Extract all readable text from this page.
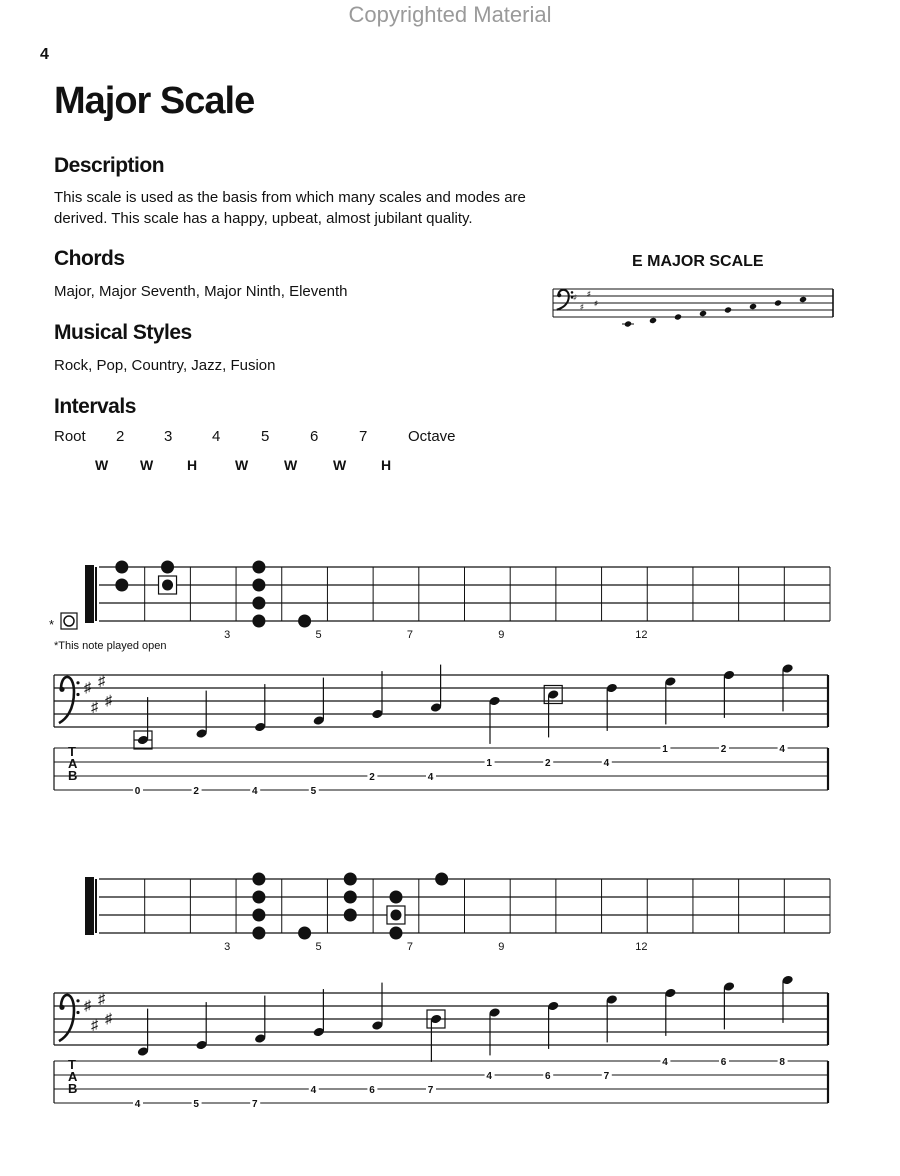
Copyrighted Material
4
Major Scale
Description
This scale is used as the basis from which many scales and modes are
derived. This scale has a happy, upbeat, almost jubilant quality.
Chords
Major, Major Seventh, Major Ninth, Eleventh
Musical Styles
Rock, Pop, Country, Jazz, Fusion
Intervals
Root 2	3	4	5	6	7	Octave
W W H	W	W	W H
E MAJOR SCALE
*This note played open
♯
♯
♯
♯
3	5	7	9	12
*
♯
♯
♯
♯
T
A
B
0	2	4	5
2	4
1	2	4
1	2	4
3	5	7	9	12
♯
♯
♯
♯
T
A
B
4	5	7
4	6	7
4	6	7
4	6	8
